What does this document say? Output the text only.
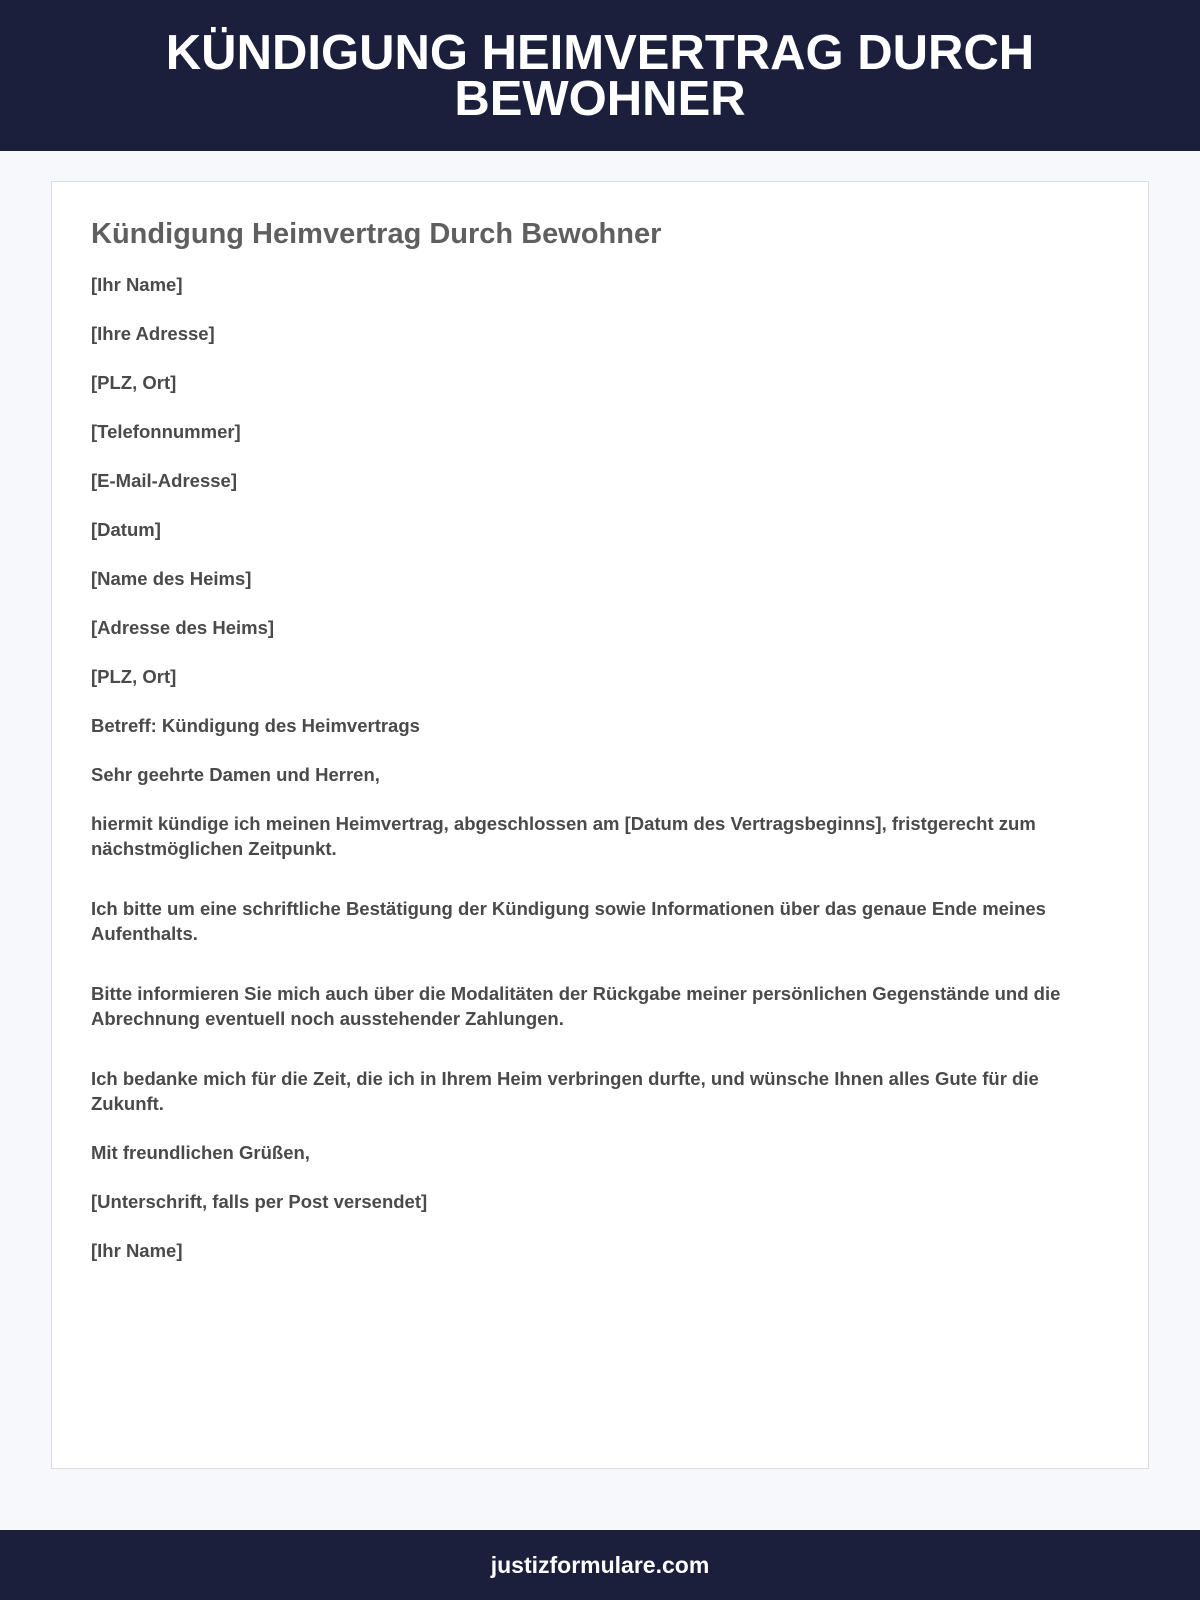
KÜNDIGUNG HEIMVERTRAG DURCH BEWOHNER
Kündigung Heimvertrag Durch Bewohner

[Ihr Name]

[Ihre Adresse]

[PLZ, Ort]

[Telefonnummer]

[E-Mail-Adresse]

[Datum]

[Name des Heims]

[Adresse des Heims]

[PLZ, Ort]

Betreff: Kündigung des Heimvertrags

Sehr geehrte Damen und Herren,

hiermit kündige ich meinen Heimvertrag, abgeschlossen am [Datum des Vertragsbeginns], fristgerecht zum nächstmöglichen Zeitpunkt.

Ich bitte um eine schriftliche Bestätigung der Kündigung sowie Informationen über das genaue Ende meines Aufenthalts.

Bitte informieren Sie mich auch über die Modalitäten der Rückgabe meiner persönlichen Gegenstände und die Abrechnung eventuell noch ausstehender Zahlungen.

Ich bedanke mich für die Zeit, die ich in Ihrem Heim verbringen durfte, und wünsche Ihnen alles Gute für die Zukunft.

Mit freundlichen Grüßen,

[Unterschrift, falls per Post versendet]

[Ihr Name]

justizformulare.com
